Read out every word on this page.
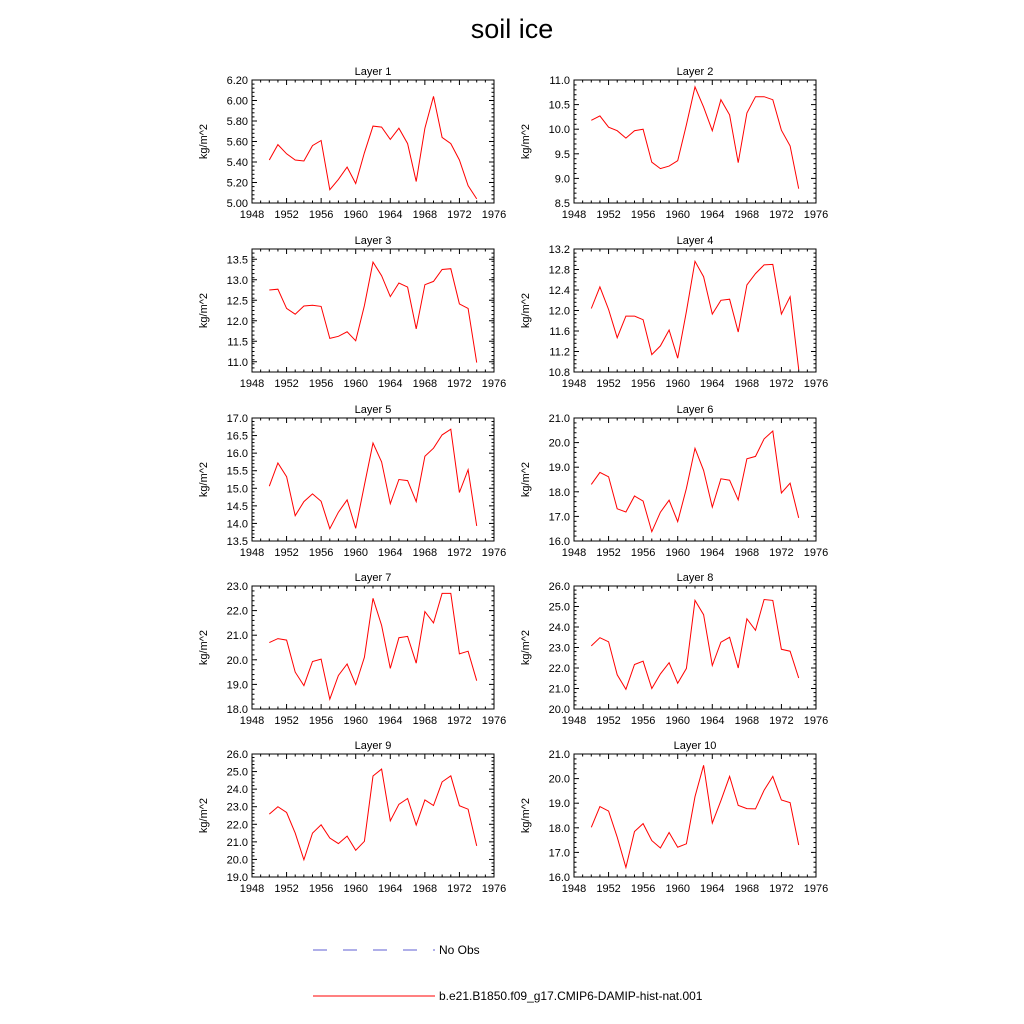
soil ice
Layer 1
kg/m^2
1948 1952 1956 1960 1964 1968 1972 1976
5.00
5.20
5.40
5.60
5.80
6.00
6.20
Layer 2
kg/m^2
1948 1952 1956 1960 1964 1968 1972 1976
8.5
9.0
9.5
10.0
10.5
11.0
Layer 3
kg/m^2
1948 1952 1956 1960 1964 1968 1972 1976
11.0
11.5
12.0
12.5
13.0
13.5
Layer 4
kg/m^2
1948 1952 1956 1960 1964 1968 1972 1976
10.8
11.2
11.6
12.0
12.4
12.8
13.2
Layer 5
kg/m^2
1948 1952 1956 1960 1964 1968 1972 1976
13.5
14.0
14.5
15.0
15.5
16.0
16.5
17.0
Layer 6
kg/m^2
1948 1952 1956 1960 1964 1968 1972 1976
16.0
17.0
18.0
19.0
20.0
21.0
Layer 7
kg/m^2
1948 1952 1956 1960 1964 1968 1972 1976
18.0
19.0
20.0
21.0
22.0
23.0
Layer 8
kg/m^2
1948 1952 1956 1960 1964 1968 1972 1976
20.0
21.0
22.0
23.0
24.0
25.0
26.0
Layer 9
kg/m^2
1948 1952 1956 1960 1964 1968 1972 1976
19.0
20.0
21.0
22.0
23.0
24.0
25.0
26.0
Layer 10
kg/m^2
1948 1952 1956 1960 1964 1968 1972 1976
16.0
17.0
18.0
19.0
20.0
21.0
No Obs
b.e21.B1850.f09_g17.CMIP6-DAMIP-hist-nat.001
